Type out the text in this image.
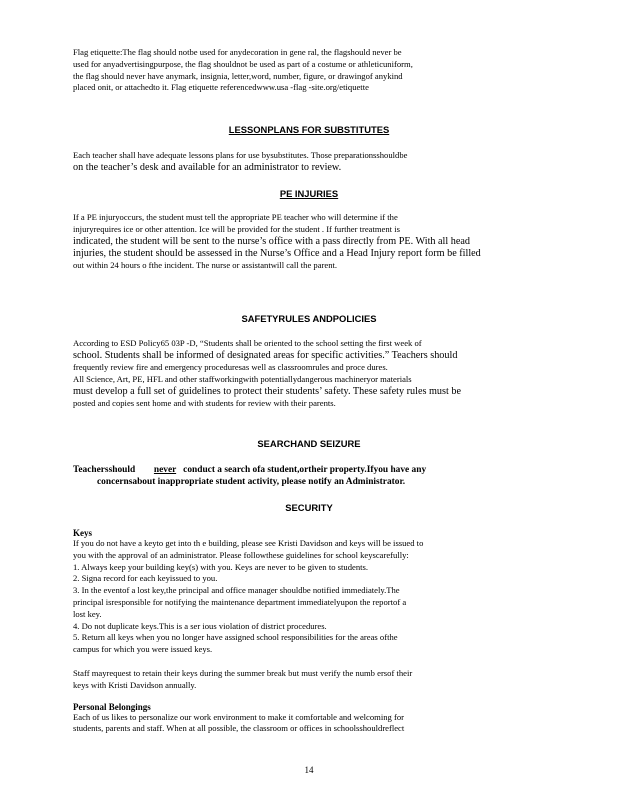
Flag etiquette:The flag should notbe used for anydecoration in gene ral, the flagshould never be

used for anyadvertisingpurpose, the flag shouldnot be used as part of a costume or athleticuniform,

the flag should never have anymark, insignia, letter,word, number, figure, or drawingof anykind

placed onit, or attachedto it. Flag etiquette referencedwww.usa -flag -site.org/etiquette

LESSONPLANS FOR SUBSTITUTES

Each teacher shall have adequate lessons plans for use bysubstitutes. Those preparationsshouldbe

on the teacher’s desk and available for an administrator to review.

PE INJURIES

If a PE injuryoccurs, the student must tell the appropriate PE teacher who will determine if the

injuryrequires ice or other attention. Ice will be provided for the student . If further treatment is

indicated, the student will be sent to the nurse’s office with a pass directly from PE. With all head

injuries, the student should be assessed in the Nurse’s Office and a Head Injury report form be filled

out within 24 hours o fthe incident. The nurse or assistantwill call the parent.

SAFETYRULES ANDPOLICIES

According to ESD Policy65 03P -D, “Students shall be oriented to the school setting the first week of

school. Students shall be informed of designated areas for specific activities.” Teachers should

frequently review fire and emergency proceduresas well as classroomrules and proce dures.

All Science, Art, PE, HFL and other staffworkingwith potentiallydangerous machineryor materials

must develop a full set of guidelines to protect their students’ safety. These safety rules must be

posted and copies sent home and with students for review with their parents.

SEARCHAND SEIZURE

Teachersshould never conduct a search ofa student,ortheir property.Ifyou have any

concernsabout inappropriate student activity, please notify an Administrator.

SECURITY

Keys

If you do not have a keyto get into th e building, please see Kristi Davidson and keys will be issued to

you with the approval of an administrator. Please followthese guidelines for school keyscarefully:

1. Always keep your building key(s) with you. Keys are never to be given to students.

2. Signa record for each keyissued to you.

3. In the eventof a lost key,the principal and office manager shouldbe notified immediately.The

principal isresponsible for notifying the maintenance department immediatelyupon the reportof a

lost key.

4. Do not duplicate keys.This is a ser ious violation of district procedures.

5. Return all keys when you no longer have assigned school responsibilities for the areas ofthe

campus for which you were issued keys.

Staff mayrequest to retain their keys during the summer break but must verify the numb ersof their

keys with Kristi Davidson annually.

Personal Belongings

Each of us likes to personalize our work environment to make it comfortable and welcoming for

students, parents and staff. When at all possible, the classroom or offices in schoolsshouldreflect

14
